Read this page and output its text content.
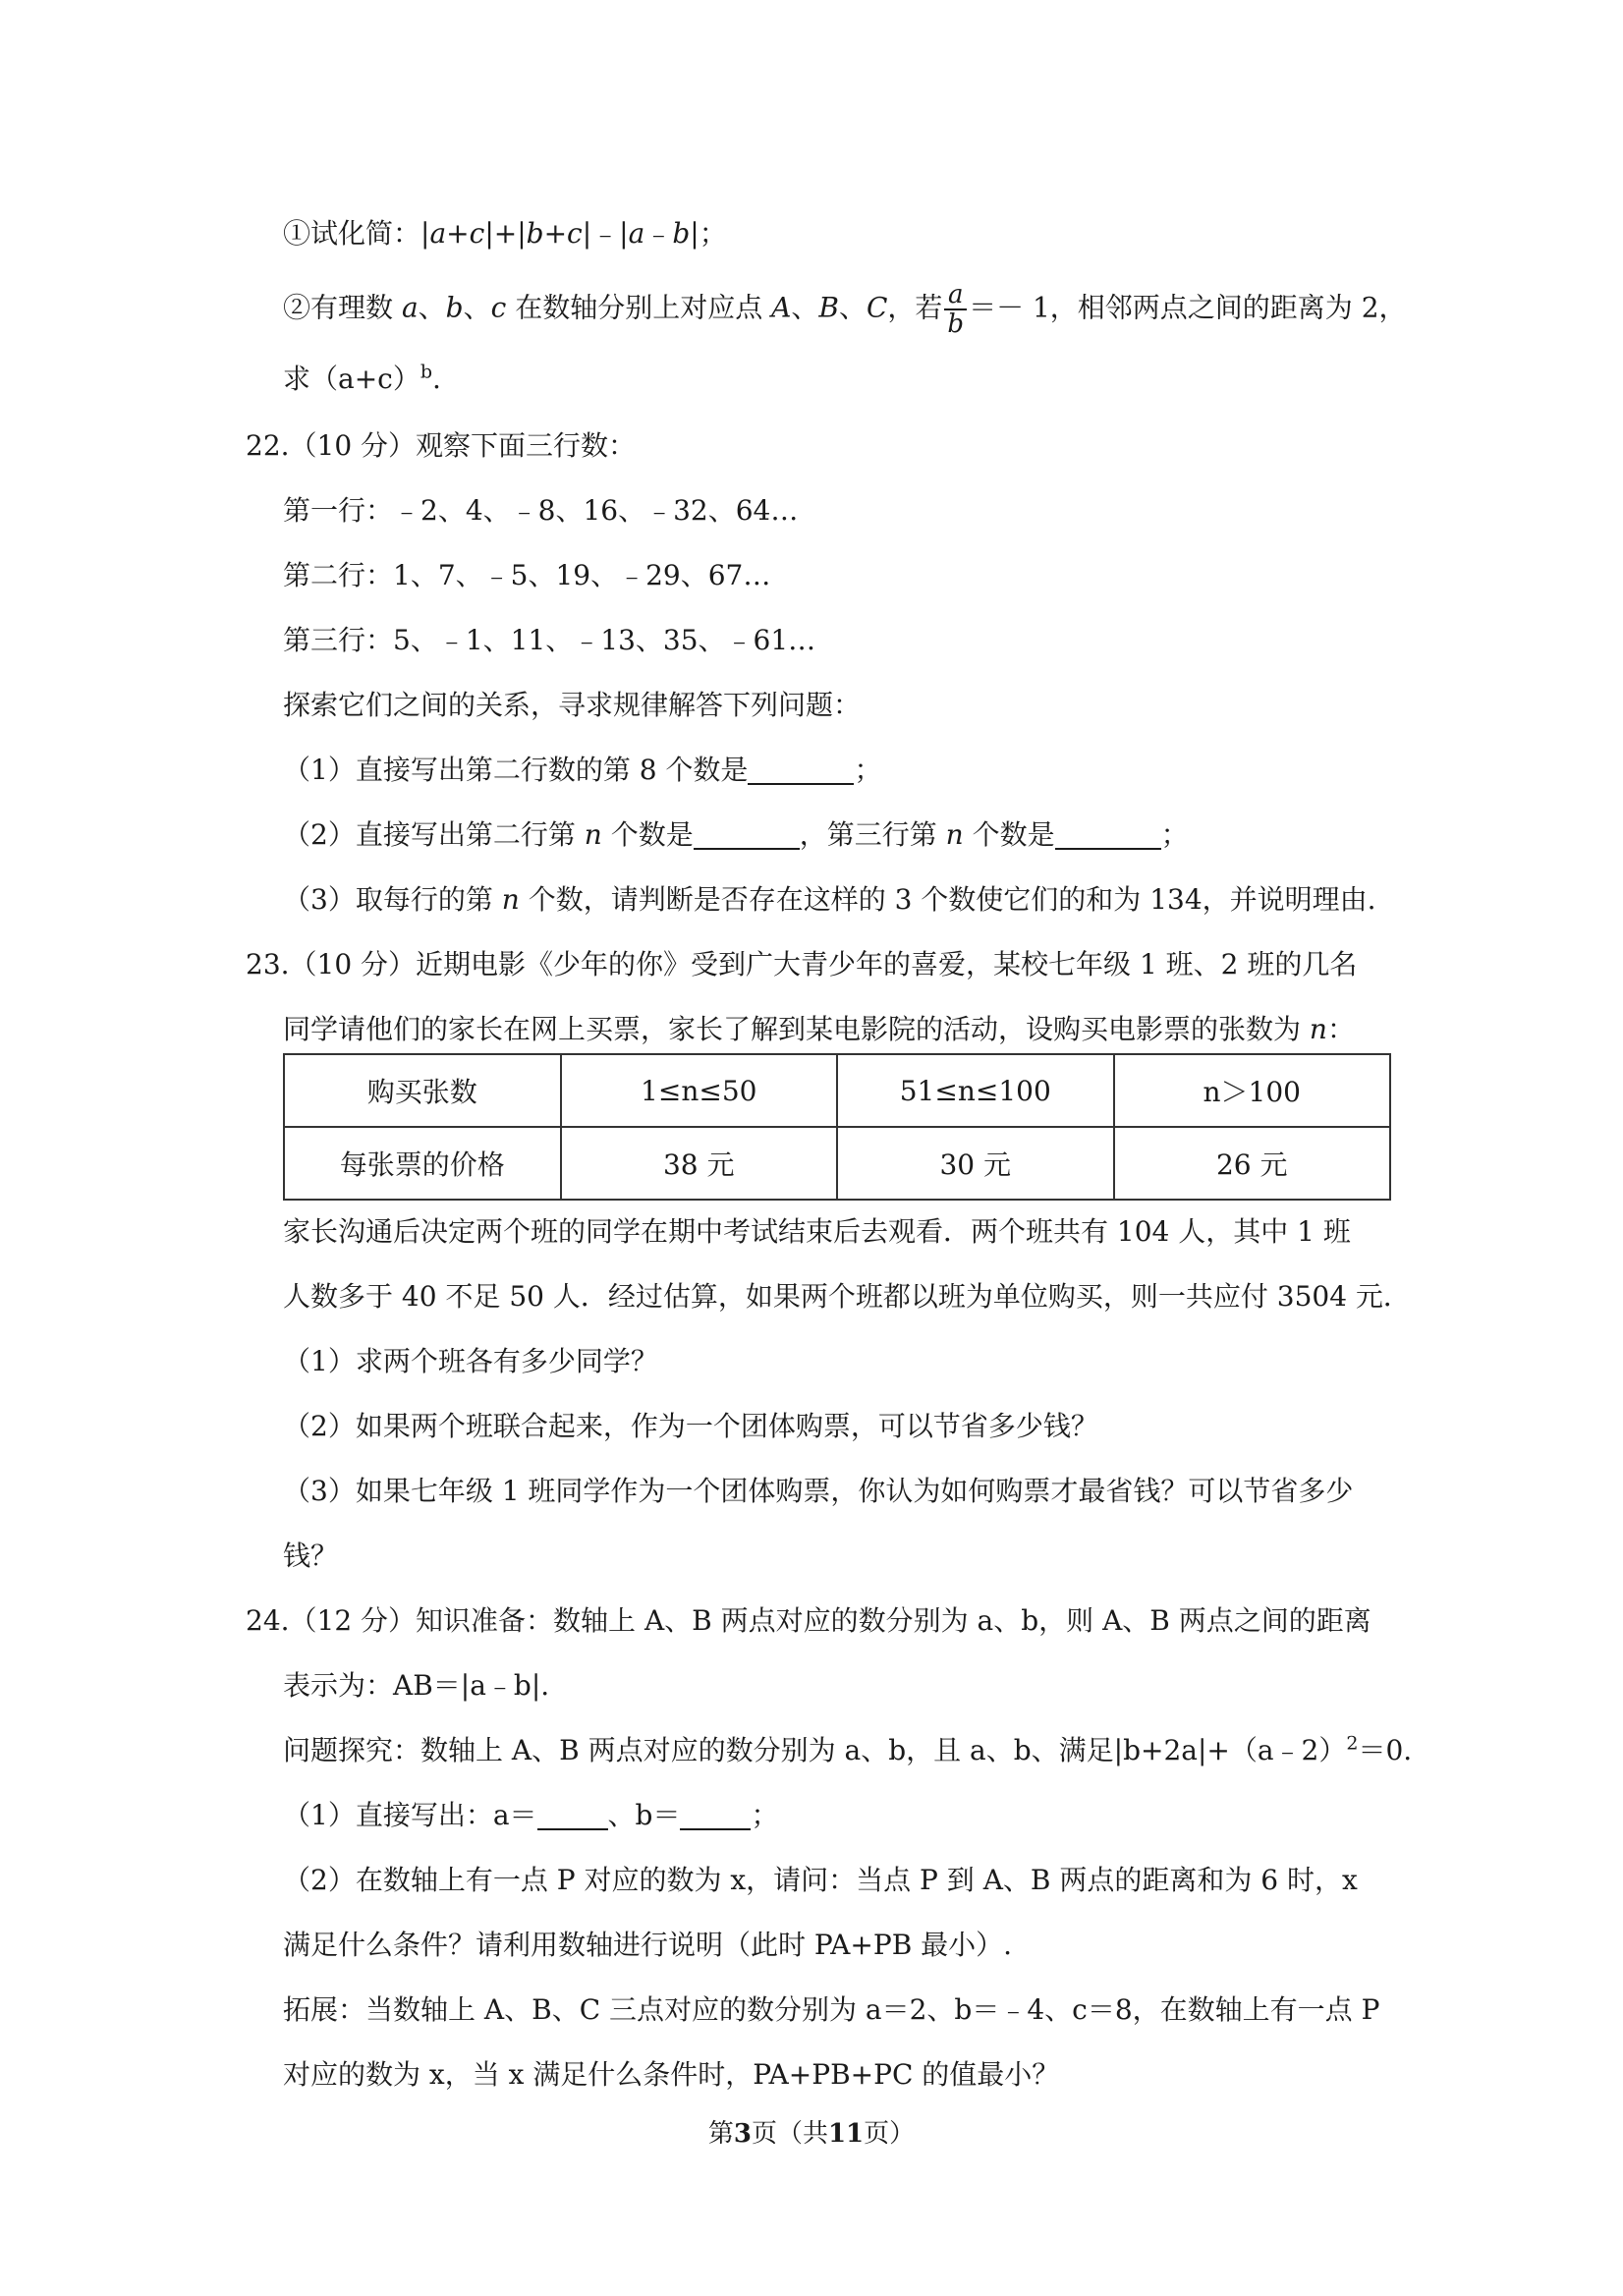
①试化简：|a+c|+|b+c|﹣|a﹣b|；
②有理数 a、b、c 在数轴分别上对应点 A、B、C，若 $\frac{a}{b} =- 1$，相邻两点之间的距离为 2，
求$(a+c)^b$.
22.（10 分）观察下面三行数：
第一行：﹣2、4、﹣8、16、﹣32、64…
第二行：1、7、﹣5、19、﹣29、67…
第三行：5、﹣1、11、﹣13、35、﹣61…
探索它们之间的关系，寻求规律解答下列问题：
（1）直接写出第二行数的第 8 个数是	；
（2）直接写出第二行第 n 个数是	，第三行第 n 个数是	；
（3）取每行的第 n 个数，请判断是否存在这样的 3 个数使它们的和为 134，并说明理由.
23.（10 分）近期电影《少年的你》受到广大青少年的喜爱，某校七年级 1 班、2 班的几名
同学请他们的家长在网上买票，家长了解到某电影院的活动，设购买电影票的张数为 n：
购买张数	1≤n≤50	51≤n≤100	n＞100
每张票的价格	38 元	30 元	26 元
家长沟通后决定两个班的同学在期中考试结束后去观看．两个班共有 104 人，其中 1 班
人数多于 40 不足 50 人．经过估算，如果两个班都以班为单位购买，则一共应付 3504 元．
（1）求两个班各有多少同学？
（2）如果两个班联合起来，作为一个团体购票，可以节省多少钱？
（3）如果七年级 1 班同学作为一个团体购票，你认为如何购票才最省钱？可以节省多少
钱？
24.（12 分）知识准备：数轴上 A、B 两点对应的数分别为 a、b，则 A、B 两点之间的距离
表示为：AB＝|a﹣b|.
问题探究：数轴上 A、B 两点对应的数分别为 a、b，且 a、b、满足|b+2a|+（a﹣2）$^2$＝0.
（1）直接写出：a＝	、b＝	；
（2）在数轴上有一点 P 对应的数为 x，请问：当点 P 到 A、B 两点的距离和为 6 时，x
满足什么条件？请利用数轴进行说明（此时 PA+PB 最小）.
拓展：当数轴上 A、B、C 三点对应的数分别为 a＝2、b＝﹣4、c＝8，在数轴上有一点 P
对应的数为 x，当 x 满足什么条件时，PA+PB+PC 的值最小？
第3页（共11页）
